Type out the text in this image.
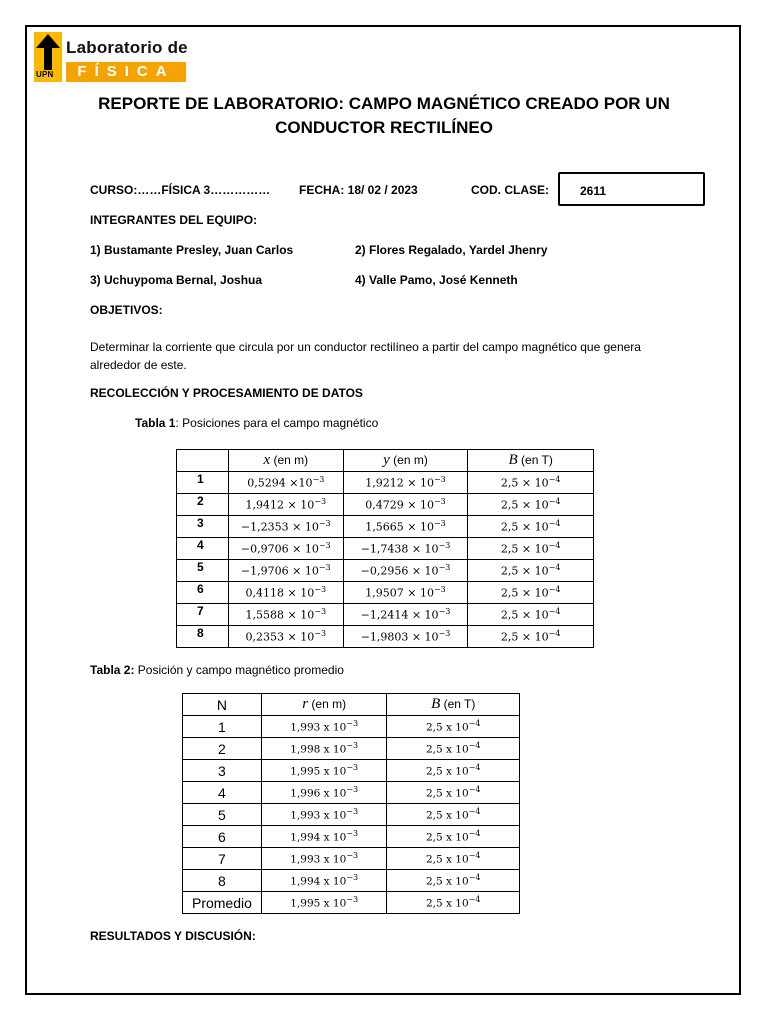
UPN
Laboratorio de
FÍSICA
REPORTE DE LABORATORIO: CAMPO MAGNÉTICO CREADO POR UN CONDUCTOR RECTILÍNEO
CURSO:……FÍSICA 3…………… FECHA: 18/ 02 / 2023	COD. CLASE:	2611
INTEGRANTES DEL EQUIPO:
1) Bustamante Presley, Juan Carlos	2) Flores Regalado, Yardel Jhenry
3) Uchuypoma Bernal, Joshua	4) Valle Pamo, José Kenneth
OBJETIVOS:
Determinar la corriente que circula por un conductor rectilíneo a partir del campo magnético que genera alrededor de este.
RECOLECCIÓN Y PROCESAMIENTO DE DATOS
Tabla 1: Posiciones para el campo magnético
	x (en m)	y (en m)	B (en T)
1	$0,5294 \times 10^{-3}$	$1,9212 \times 10^{-3}$	$2,5 \times 10^{-4}$
2	$1,9412 \times 10^{-3}$	$0,4729 \times 10^{-3}$	$2,5 \times 10^{-4}$
3	$-1,2353 \times 10^{-3}$	$1,5665 \times 10^{-3}$	$2,5 \times 10^{-4}$
4	$-0,9706 \times 10^{-3}$	$-1,7438 \times 10^{-3}$	$2,5 \times 10^{-4}$
5	$-1,9706 \times 10^{-3}$	$-0,2956 \times 10^{-3}$	$2,5 \times 10^{-4}$
6	$0,4118 \times 10^{-3}$	$1,9507 \times 10^{-3}$	$2,5 \times 10^{-4}$
7	$1,5588 \times 10^{-3}$	$-1,2414 \times 10^{-3}$	$2,5 \times 10^{-4}$
8	$0,2353 \times 10^{-3}$	$-1,9803 \times 10^{-3}$	$2,5 \times 10^{-4}$
Tabla 2: Posición y campo magnético promedio
N	r (en m)	B (en T)
1	1,993 x $10^{-3}$	2,5 x $10^{-4}$
2	1,998 x $10^{-3}$	2,5 x $10^{-4}$
3	1,995 x $10^{-3}$	2,5 x $10^{-4}$
4	1,996 x $10^{-3}$	2,5 x $10^{-4}$
5	1,993 x $10^{-3}$	2,5 x $10^{-4}$
6	1,994 x $10^{-3}$	2,5 x $10^{-4}$
7	1,993 x $10^{-3}$	2,5 x $10^{-4}$
8	1,994 x $10^{-3}$	2,5 x $10^{-4}$
Promedio	1,995 x $10^{-3}$	2,5 x $10^{-4}$
RESULTADOS Y DISCUSIÓN:
